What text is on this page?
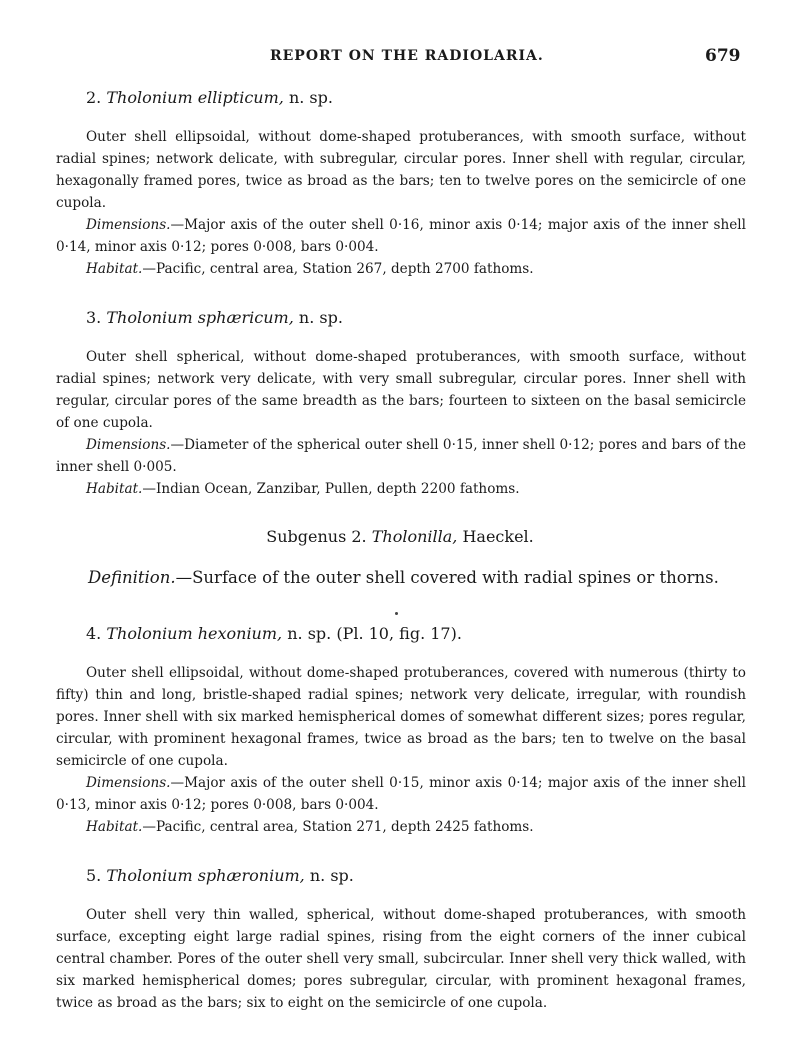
REPORT ON THE RADIOLARIA.	679
2. Tholonium ellipticum, n. sp.

Outer shell ellipsoidal, without dome-shaped protuberances, with smooth surface, without radial spines; network delicate, with subregular, circular pores. Inner shell with regular, circular, hexagonally framed pores, twice as broad as the bars; ten to twelve pores on the semicircle of one cupola.

Dimensions.—Major axis of the outer shell 0·16, minor axis 0·14; major axis of the inner shell 0·14, minor axis 0·12; pores 0·008, bars 0·004.

Habitat.—Pacific, central area, Station 267, depth 2700 fathoms.

3. Tholonium sphæricum, n. sp.

Outer shell spherical, without dome-shaped protuberances, with smooth surface, without radial spines; network very delicate, with very small subregular, circular pores. Inner shell with regular, circular pores of the same breadth as the bars; fourteen to sixteen on the basal semicircle of one cupola.

Dimensions.—Diameter of the spherical outer shell 0·15, inner shell 0·12; pores and bars of the inner shell 0·005.

Habitat.—Indian Ocean, Zanzibar, Pullen, depth 2200 fathoms.

Subgenus 2. Tholonilla, Haeckel.
Definition.—Surface of the outer shell covered with radial spines or thorns.
4. Tholonium hexonium, n. sp. (Pl. 10, fig. 17).

Outer shell ellipsoidal, without dome-shaped protuberances, covered with numerous (thirty to fifty) thin and long, bristle-shaped radial spines; network very delicate, irregular, with roundish pores. Inner shell with six marked hemispherical domes of somewhat different sizes; pores regular, circular, with prominent hexagonal frames, twice as broad as the bars; ten to twelve on the basal semicircle of one cupola.

Dimensions.—Major axis of the outer shell 0·15, minor axis 0·14; major axis of the inner shell 0·13, minor axis 0·12; pores 0·008, bars 0·004.

Habitat.—Pacific, central area, Station 271, depth 2425 fathoms.

5. Tholonium sphæronium, n. sp.

Outer shell very thin walled, spherical, without dome-shaped protuberances, with smooth surface, excepting eight large radial spines, rising from the eight corners of the inner cubical central chamber. Pores of the outer shell very small, subcircular. Inner shell very thick walled, with six marked hemispherical domes; pores subregular, circular, with prominent hexagonal frames, twice as broad as the bars; six to eight on the semicircle of one cupola.
